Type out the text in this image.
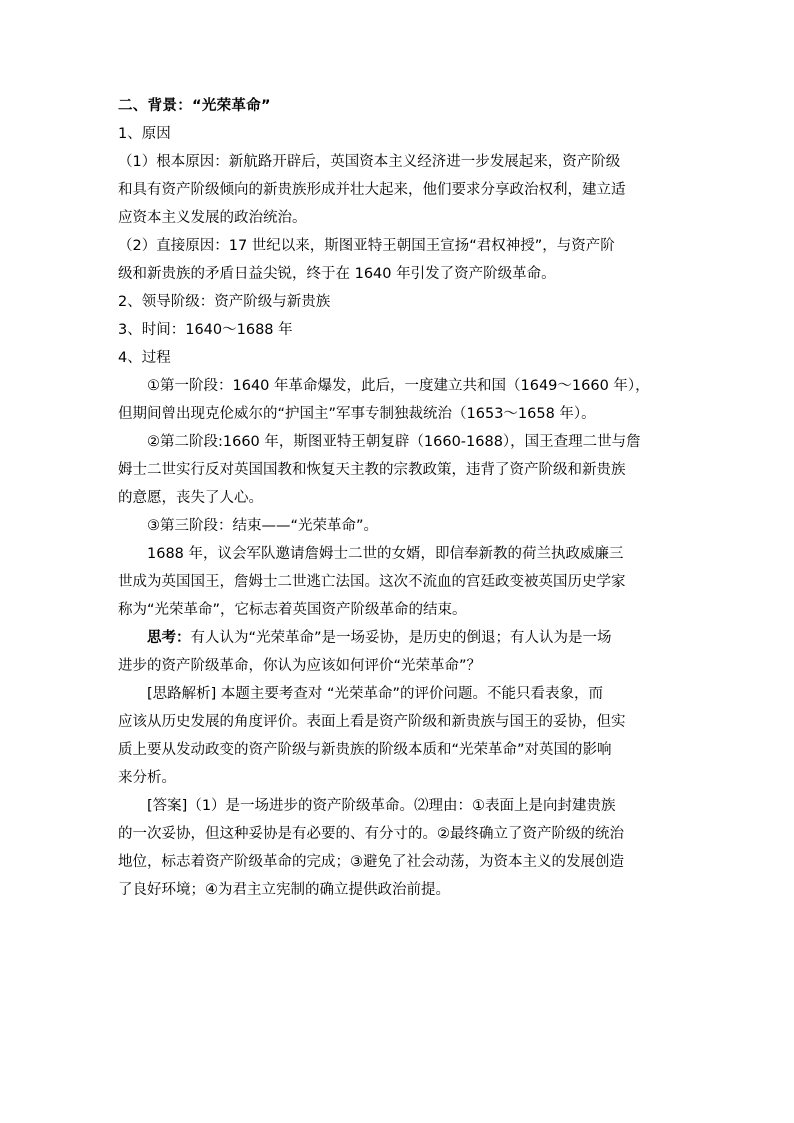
二、背景：“光荣革命”
1、原因
（1）根本原因：新航路开辟后，英国资本主义经济进一步发展起来，资产阶级
和具有资产阶级倾向的新贵族形成并壮大起来，他们要求分享政治权利，建立适
应资本主义发展的政治统治。
（2）直接原因：17 世纪以来，斯图亚特王朝国王宣扬“君权神授”，与资产阶
级和新贵族的矛盾日益尖锐，终于在 1640 年引发了资产阶级革命。
2、领导阶级：资产阶级与新贵族
3、时间：1640～1688 年
4、过程
①第一阶段：1640 年革命爆发，此后，一度建立共和国（1649～1660 年），
但期间曾出现克伦威尔的“护国主”军事专制独裁统治（1653～1658 年）。
②第二阶段:1660 年，斯图亚特王朝复辟（1660-1688），国王查理二世与詹
姆士二世实行反对英国国教和恢复天主教的宗教政策，违背了资产阶级和新贵族
的意愿，丧失了人心。
③第三阶段：结束——“光荣革命”。
1688 年，议会军队邀请詹姆士二世的女婿，即信奉新教的荷兰执政威廉三
世成为英国国王，詹姆士二世逃亡法国。这次不流血的宫廷政变被英国历史学家
称为“光荣革命”，它标志着英国资产阶级革命的结束。
思考：有人认为“光荣革命”是一场妥协，是历史的倒退；有人认为是一场
进步的资产阶级革命，你认为应该如何评价“光荣革命”？
[思路解析] 本题主要考查对 “光荣革命”的评价问题。不能只看表象，而
应该从历史发展的角度评价。表面上看是资产阶级和新贵族与国王的妥协，但实
质上要从发动政变的资产阶级与新贵族的阶级本质和“光荣革命”对英国的影响
来分析。
[答案]（1）是一场进步的资产阶级革命。⑵理由：①表面上是向封建贵族
的一次妥协，但这种妥协是有必要的、有分寸的。②最终确立了资产阶级的统治
地位，标志着资产阶级革命的完成；③避免了社会动荡，为资本主义的发展创造
了良好环境；④为君主立宪制的确立提供政治前提。
